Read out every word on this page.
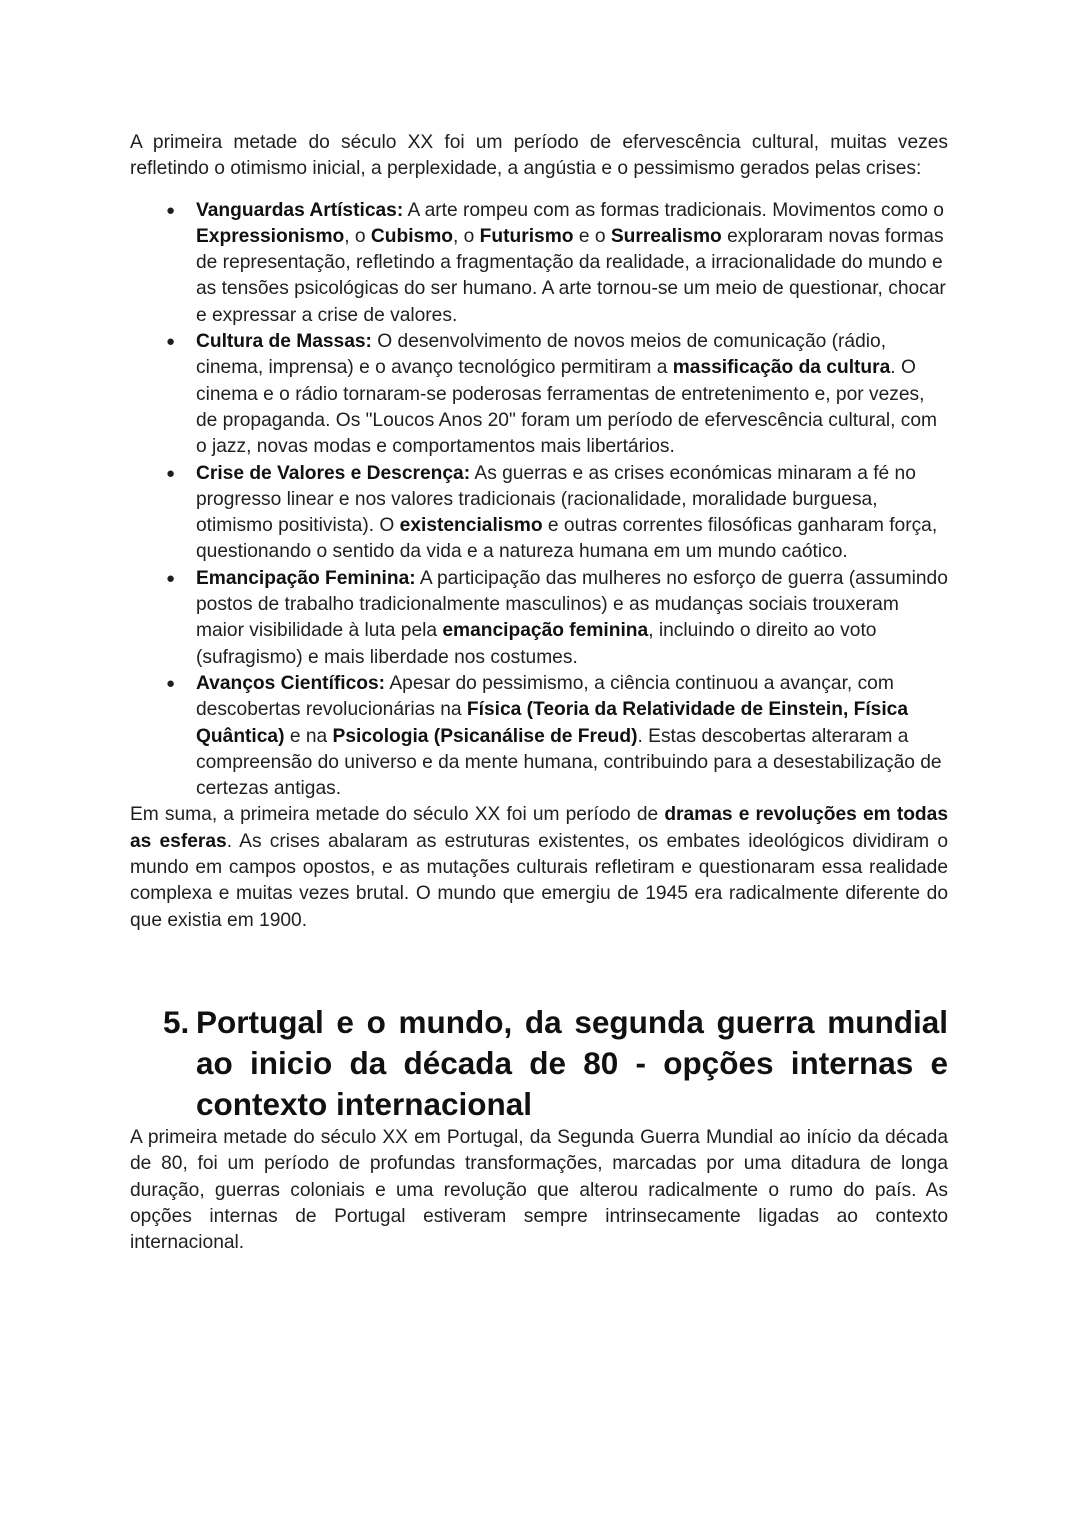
A primeira metade do século XX foi um período de efervescência cultural, muitas vezes refletindo o otimismo inicial, a perplexidade, a angústia e o pessimismo gerados pelas crises:

● Vanguardas Artísticas: A arte rompeu com as formas tradicionais. Movimentos como o Expressionismo, o Cubismo, o Futurismo e o Surrealismo exploraram novas formas de representação, refletindo a fragmentação da realidade, a irracionalidade do mundo e as tensões psicológicas do ser humano. A arte tornou-se um meio de questionar, chocar e expressar a crise de valores.
● Cultura de Massas: O desenvolvimento de novos meios de comunicação (rádio, cinema, imprensa) e o avanço tecnológico permitiram a massificação da cultura. O cinema e o rádio tornaram-se poderosas ferramentas de entretenimento e, por vezes, de propaganda. Os "Loucos Anos 20" foram um período de efervescência cultural, com o jazz, novas modas e comportamentos mais libertários.
● Crise de Valores e Descrença: As guerras e as crises económicas minaram a fé no progresso linear e nos valores tradicionais (racionalidade, moralidade burguesa, otimismo positivista). O existencialismo e outras correntes filosóficas ganharam força, questionando o sentido da vida e a natureza humana em um mundo caótico.
● Emancipação Feminina: A participação das mulheres no esforço de guerra (assumindo postos de trabalho tradicionalmente masculinos) e as mudanças sociais trouxeram maior visibilidade à luta pela emancipação feminina, incluindo o direito ao voto (sufragismo) e mais liberdade nos costumes.
● Avanços Científicos: Apesar do pessimismo, a ciência continuou a avançar, com descobertas revolucionárias na Física (Teoria da Relatividade de Einstein, Física Quântica) e na Psicologia (Psicanálise de Freud). Estas descobertas alteraram a compreensão do universo e da mente humana, contribuindo para a desestabilização de certezas antigas.

Em suma, a primeira metade do século XX foi um período de dramas e revoluções em todas as esferas. As crises abalaram as estruturas existentes, os embates ideológicos dividiram o mundo em campos opostos, e as mutações culturais refletiram e questionaram essa realidade complexa e muitas vezes brutal. O mundo que emergiu de 1945 era radicalmente diferente do que existia em 1900.

5. Portugal e o mundo, da segunda guerra mundial ao inicio da década de 80 - opções internas e contexto internacional

A primeira metade do século XX em Portugal, da Segunda Guerra Mundial ao início da década de 80, foi um período de profundas transformações, marcadas por uma ditadura de longa duração, guerras coloniais e uma revolução que alterou radicalmente o rumo do país. As opções internas de Portugal estiveram sempre intrinsecamente ligadas ao contexto internacional.
